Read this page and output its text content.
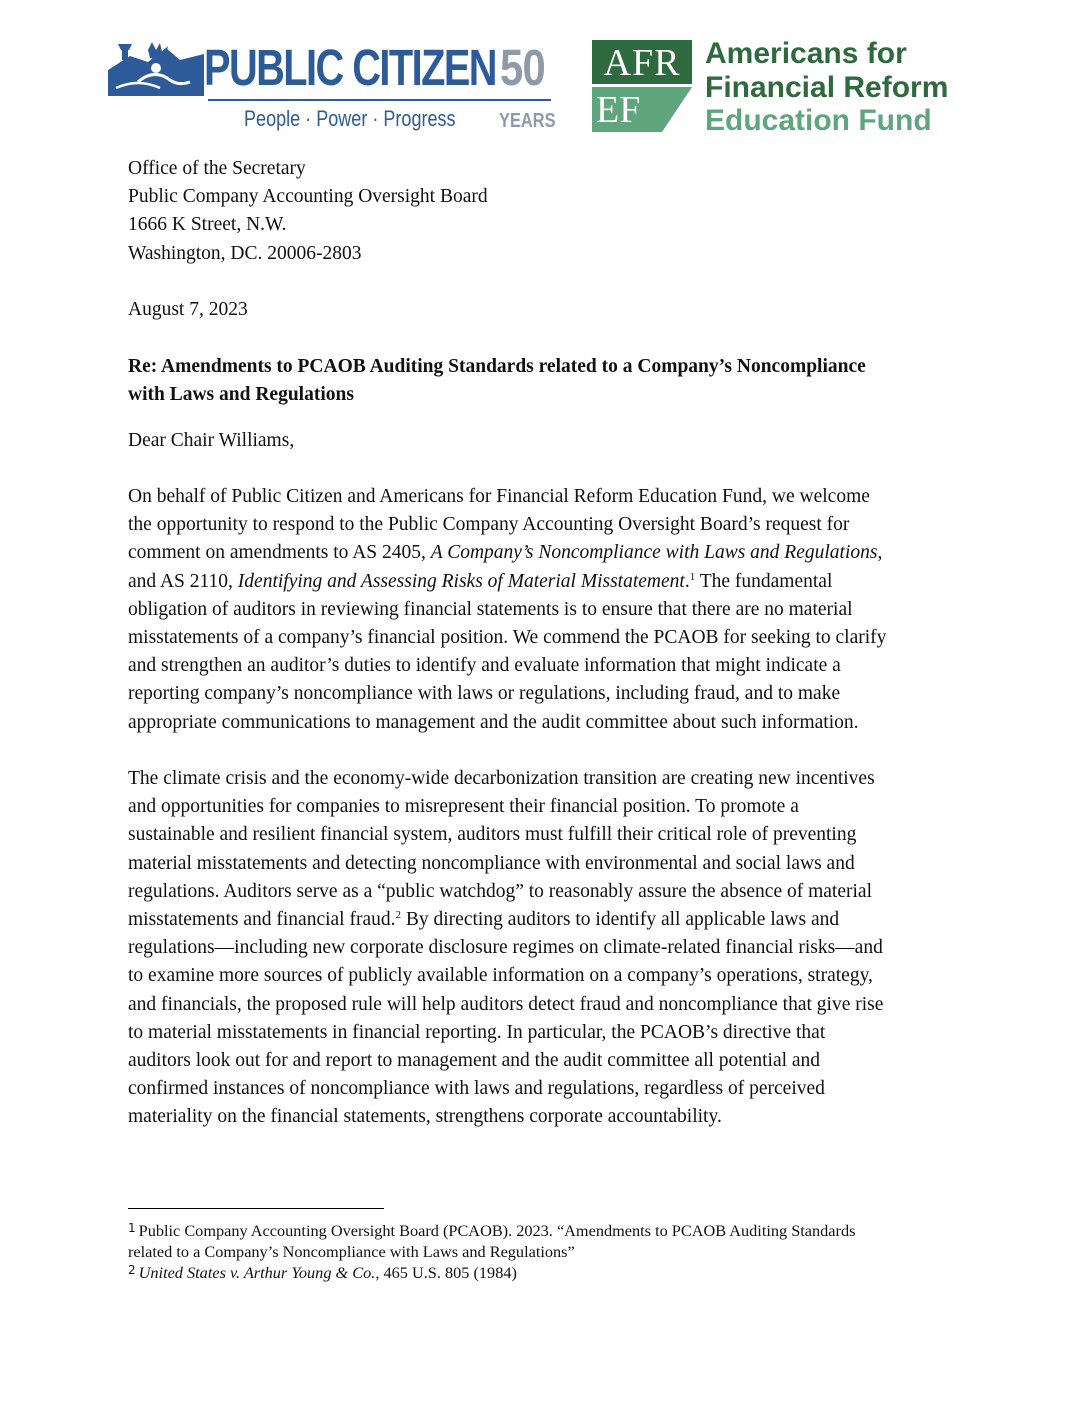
PUBLIC CITIZEN 50
People · Power · Progress YEARS
AFR
EF
Americans for
Financial Reform
Education Fund
Office of the Secretary
Public Company Accounting Oversight Board
1666 K Street, N.W.
Washington, DC. 20006-2803
August 7, 2023
Re: Amendments to PCAOB Auditing Standards related to a Company’s Noncompliance
with Laws and Regulations
Dear Chair Williams,
On behalf of Public Citizen and Americans for Financial Reform Education Fund, we welcome
the opportunity to respond to the Public Company Accounting Oversight Board’s request for
comment on amendments to AS 2405, A Company’s Noncompliance with Laws and Regulations,
and AS 2110, Identifying and Assessing Risks of Material Misstatement.$^1$ The fundamental
obligation of auditors in reviewing financial statements is to ensure that there are no material
misstatements of a company’s financial position. We commend the PCAOB for seeking to clarify
and strengthen an auditor’s duties to identify and evaluate information that might indicate a
reporting company’s noncompliance with laws or regulations, including fraud, and to make
appropriate communications to management and the audit committee about such information.
The climate crisis and the economy-wide decarbonization transition are creating new incentives
and opportunities for companies to misrepresent their financial position. To promote a
sustainable and resilient financial system, auditors must fulfill their critical role of preventing
material misstatements and detecting noncompliance with environmental and social laws and
regulations. Auditors serve as a “public watchdog” to reasonably assure the absence of material
misstatements and financial fraud.$^2$ By directing auditors to identify all applicable laws and
regulations—including new corporate disclosure regimes on climate-related financial risks—and
to examine more sources of publicly available information on a company’s operations, strategy,
and financials, the proposed rule will help auditors detect fraud and noncompliance that give rise
to material misstatements in financial reporting. In particular, the PCAOB’s directive that
auditors look out for and report to management and the audit committee all potential and
confirmed instances of noncompliance with laws and regulations, regardless of perceived
materiality on the financial statements, strengthens corporate accountability.
$^1$ Public Company Accounting Oversight Board (PCAOB). 2023. “Amendments to PCAOB Auditing Standards
related to a Company’s Noncompliance with Laws and Regulations”
$^2$ United States v. Arthur Young & Co., 465 U.S. 805 (1984)
